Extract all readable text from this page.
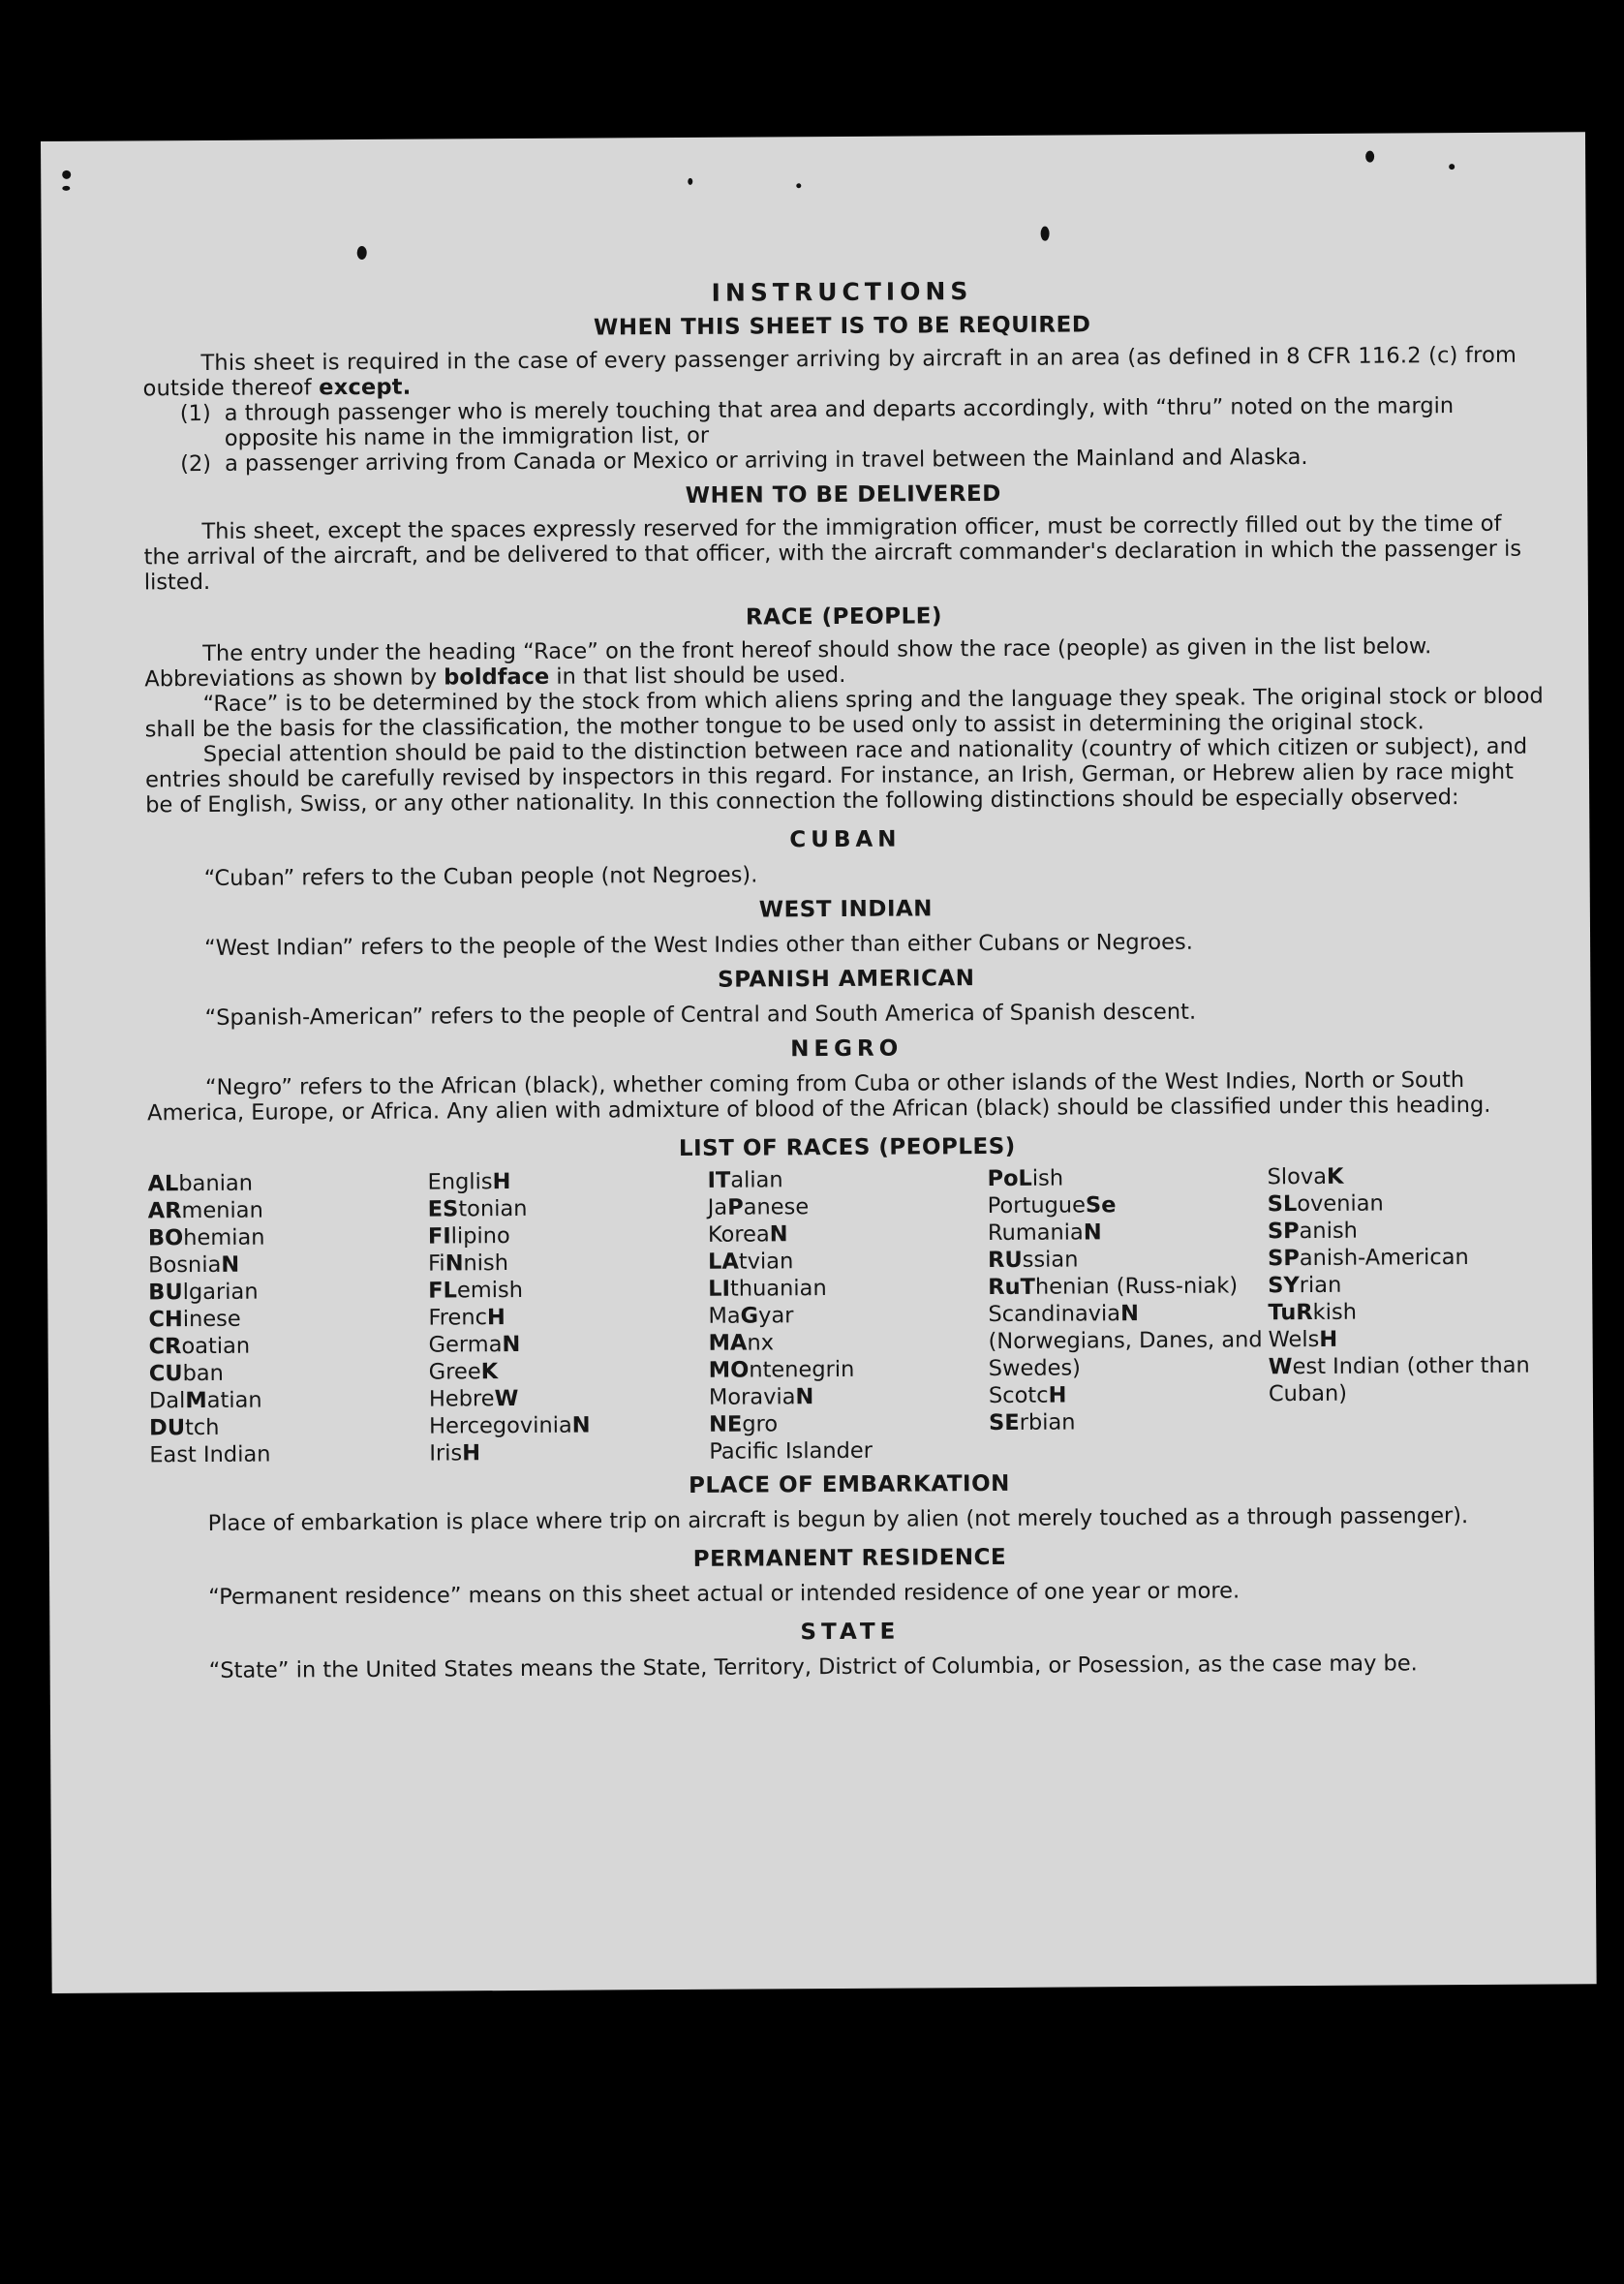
INSTRUCTIONS
WHEN THIS SHEET IS TO BE REQUIRED

This sheet is required in the case of every passenger arriving by aircraft in an area (as defined in 8 CFR 116.2 (c) from outside thereof except.

(1) a through passenger who is merely touching that area and departs accordingly, with “thru” noted on the margin opposite his name in the immigration list, or
(2) a passenger arriving from Canada or Mexico or arriving in travel between the Mainland and Alaska.
WHEN TO BE DELIVERED

This sheet, except the spaces expressly reserved for the immigration officer, must be correctly filled out by the time of the arrival of the aircraft, and be delivered to that officer, with the aircraft commander's declaration in which the passenger is listed.

RACE (PEOPLE)

The entry under the heading “Race” on the front hereof should show the race (people) as given in the list below. Abbreviations as shown by boldface in that list should be used.

“Race” is to be determined by the stock from which aliens spring and the language they speak. The original stock or blood shall be the basis for the classification, the mother tongue to be used only to assist in determining the original stock.

Special attention should be paid to the distinction between race and nationality (country of which citizen or subject), and entries should be carefully revised by inspectors in this regard. For instance, an Irish, German, or Hebrew alien by race might be of English, Swiss, or any other nationality. In this connection the following distinctions should be especially observed:

CUBAN

“Cuban” refers to the Cuban people (not Negroes).

WEST INDIAN

“West Indian” refers to the people of the West Indies other than either Cubans or Negroes.

SPANISH AMERICAN

“Spanish-American” refers to the people of Central and South America of Spanish descent.

NEGRO

“Negro” refers to the African (black), whether coming from Cuba or other islands of the West Indies, North or South America, Europe, or Africa. Any alien with admixture of blood of the African (black) should be classified under this heading.

LIST OF RACES (PEOPLES)
ALbanian
ARmenian
BOhemian
BosniaN
BUlgarian
CHinese
CRoatian
CUban
DalMatian
DUtch
East Indian
EnglisH
EStonian
FIlipino
FiNnish
FLemish
FrencH
GermaN
GreeK
HebreW
HercegoviniaN
IrisH
ITalian
JaPanese
KoreaN
LAtvian
LIthuanian
MaGyar
MAnx
MOntenegrin
MoraviaN
NEgro
Pacific Islander
PoLish
PortugueSe
RumaniaN
RUssian
RuThenian (Russ-niak)
ScandinaviaN (Norwegians, Danes, and Swedes)
ScotcH
SErbian
SlovaK
SLovenian
SPanish
SPanish-American
SYrian
TuRkish
WelsH
West Indian (other than Cuban)
PLACE OF EMBARKATION

Place of embarkation is place where trip on aircraft is begun by alien (not merely touched as a through passenger).

PERMANENT RESIDENCE

“Permanent residence” means on this sheet actual or intended residence of one year or more.

STATE

“State” in the United States means the State, Territory, District of Columbia, or Posession, as the case may be.
